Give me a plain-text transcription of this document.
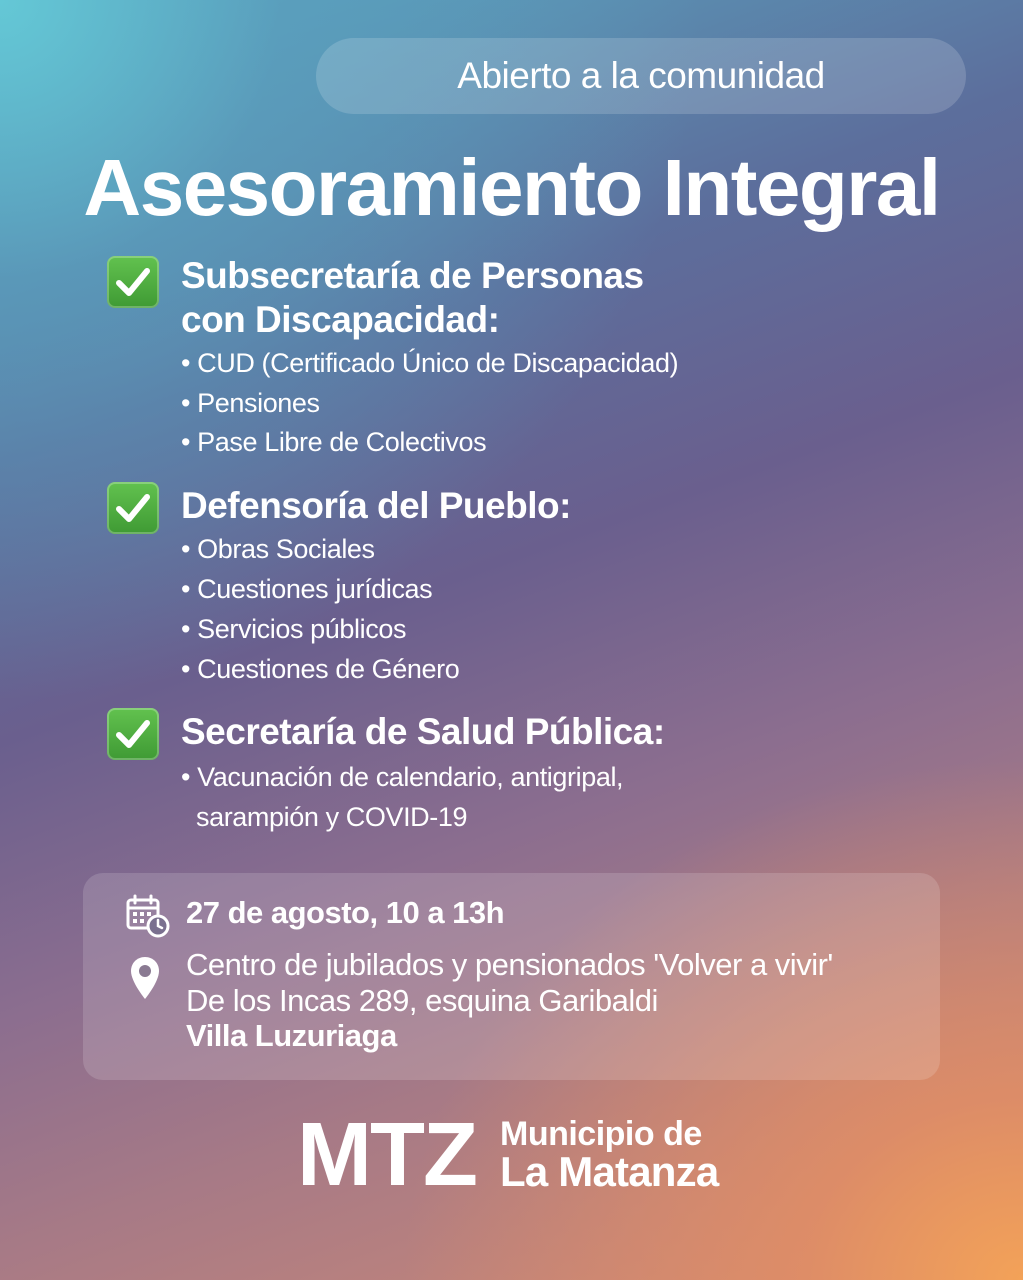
Abierto a la comunidad
Asesoramiento Integral
Subsecretaría de Personas
con Discapacidad:
• CUD (Certificado Único de Discapacidad)
• Pensiones
• Pase Libre de Colectivos
Defensoría del Pueblo:
• Obras Sociales
• Cuestiones jurídicas
• Servicios públicos
• Cuestiones de Género
Secretaría de Salud Pública:
• Vacunación de calendario, antigripal,
sarampión y COVID-19
27 de agosto, 10 a 13h
Centro de jubilados y pensionados 'Volver a vivir'
De los Incas 289, esquina Garibaldi
Villa Luzuriaga
MTZ Municipio de
La Matanza
